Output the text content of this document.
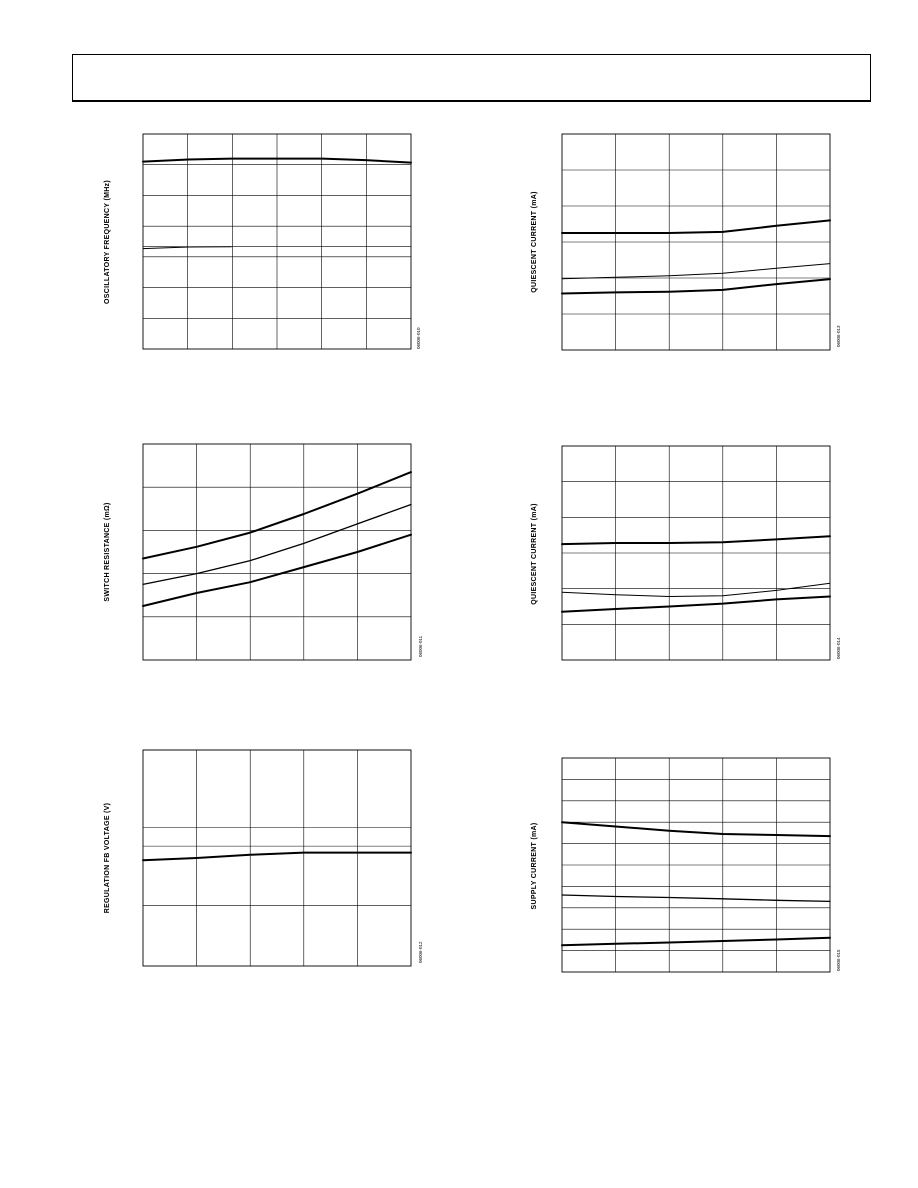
OSCILLATORY FREQUENCY (MHz)
06006-010
QUIESCENT CURRENT (mA)
06006-013
SWITCH RESISTANCE (mΩ)
06006-011
QUIESCENT CURRENT (mA)
06006-014
REGULATION FB VOLTAGE (V)
06006-012
SUPPLY CURRENT (mA)
06006-015
